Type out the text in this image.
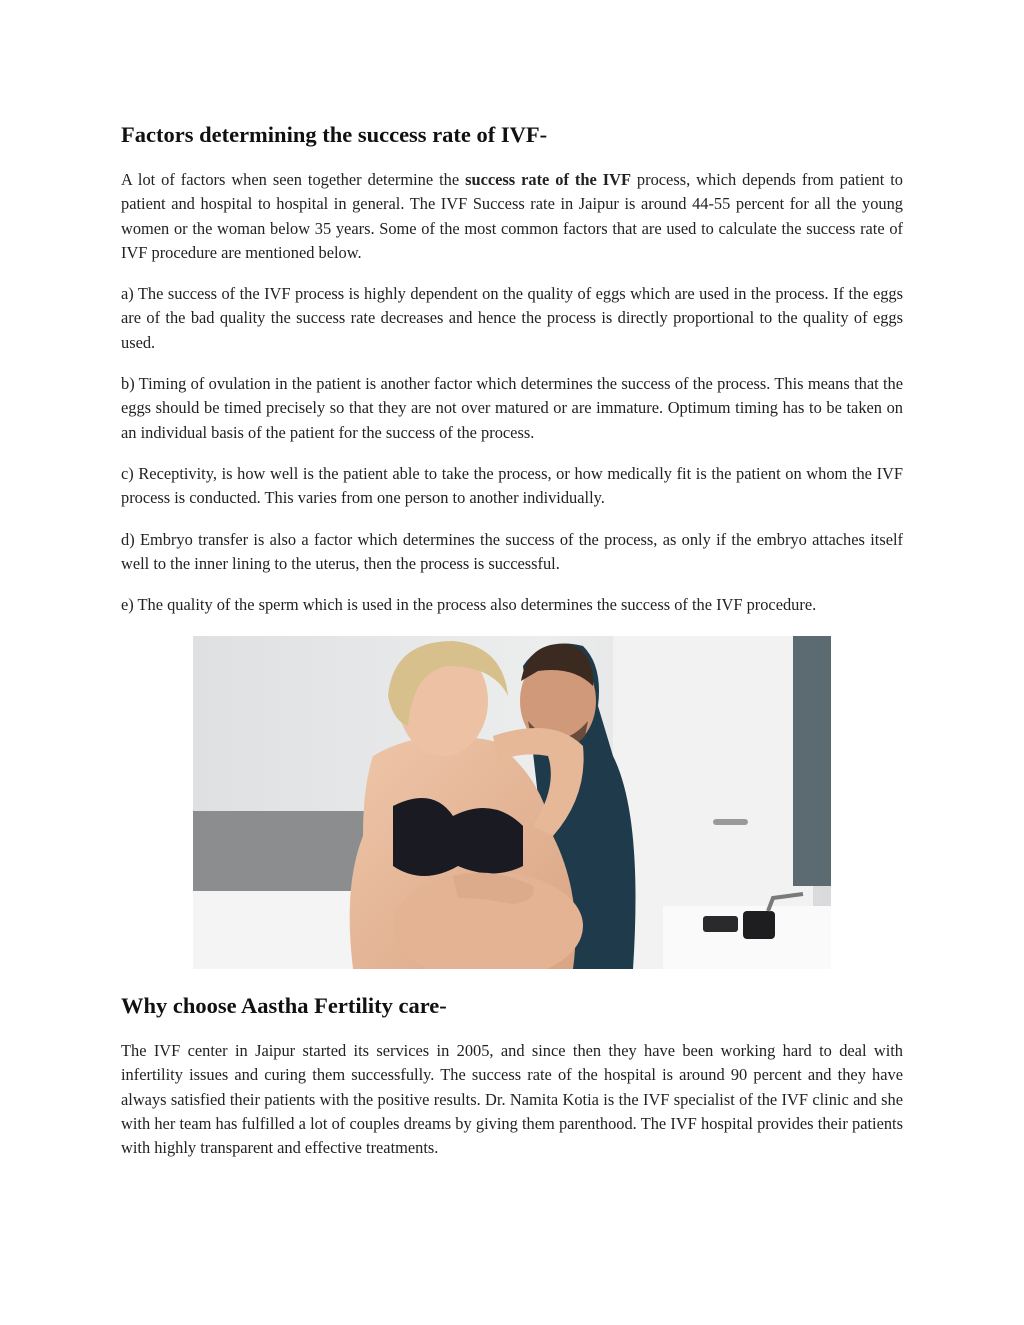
Factors determining the success rate of IVF-

A lot of factors when seen together determine the success rate of the IVF process, which depends from patient to patient and hospital to hospital in general. The IVF Success rate in Jaipur is around 44-55 percent for all the young women or the woman below 35 years. Some of the most common factors that are used to calculate the success rate of IVF procedure are mentioned below.

a) The success of the IVF process is highly dependent on the quality of eggs which are used in the process. If the eggs are of the bad quality the success rate decreases and hence the process is directly proportional to the quality of eggs used.

b) Timing of ovulation in the patient is another factor which determines the success of the process. This means that the eggs should be timed precisely so that they are not over matured or are immature. Optimum timing has to be taken on an individual basis of the patient for the success of the process.

c) Receptivity, is how well is the patient able to take the process, or how medically fit is the patient on whom the IVF process is conducted. This varies from one person to another individually.

d) Embryo transfer is also a factor which determines the success of the process, as only if the embryo attaches itself well to the inner lining to the uterus, then the process is successful.

e) The quality of the sperm which is used in the process also determines the success of the IVF procedure.

Why choose Aastha Fertility care-

The IVF center in Jaipur started its services in 2005, and since then they have been working hard to deal with infertility issues and curing them successfully. The success rate of the hospital is around 90 percent and they have always satisfied their patients with the positive results. Dr. Namita Kotia is the IVF specialist of the IVF clinic and she with her team has fulfilled a lot of couples dreams by giving them parenthood. The IVF hospital provides their patients with highly transparent and effective treatments.
